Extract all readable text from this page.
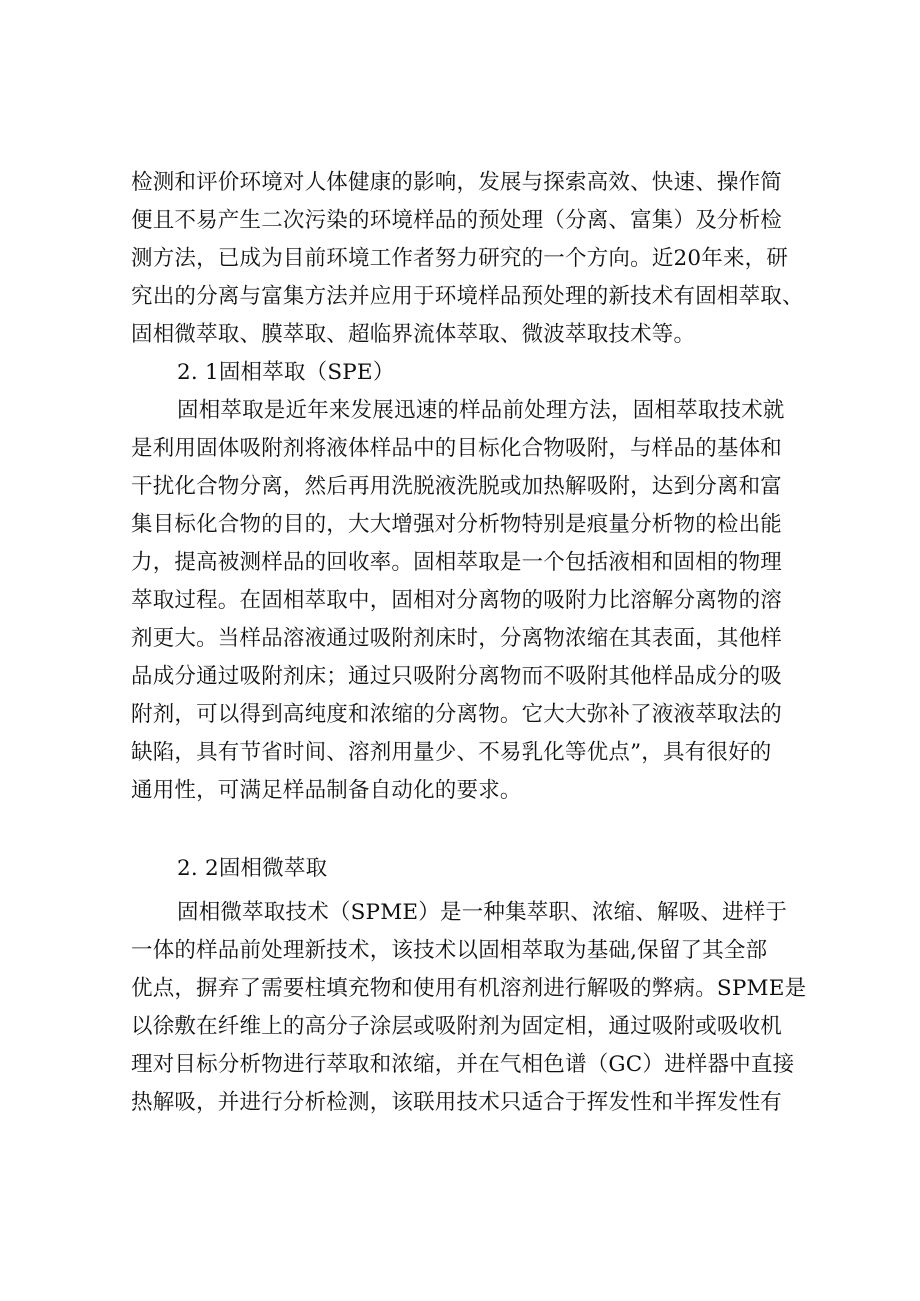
检测和评价环境对人体健康的影响，发展与探索高效、快速、操作简
便且不易产生二次污染的环境样品的预处理（分离、富集）及分析检
测方法，已成为目前环境工作者努力研究的一个方向。近20年来，研
究出的分离与富集方法并应用于环境样品预处理的新技术有固相萃取、
固相微萃取、膜萃取、超临界流体萃取、微波萃取技术等。
2. 1固相萃取（SPE）
固相萃取是近年来发展迅速的样品前处理方法，固相萃取技术就
是利用固体吸附剂将液体样品中的目标化合物吸附，与样品的基体和
干扰化合物分离，然后再用洗脱液洗脱或加热解吸附，达到分离和富
集目标化合物的目的，大大增强对分析物特别是痕量分析物的检出能
力，提高被测样品的回收率。固相萃取是一个包括液相和固相的物理
萃取过程。在固相萃取中，固相对分离物的吸附力比溶解分离物的溶
剂更大。当样品溶液通过吸附剂床时，分离物浓缩在其表面，其他样
品成分通过吸附剂床；通过只吸附分离物而不吸附其他样品成分的吸
附剂，可以得到高纯度和浓缩的分离物。它大大弥补了液液萃取法的
缺陷，具有节省时间、溶剂用量少、不易乳化等优点”，具有很好的
通用性，可满足样品制备自动化的要求。
2. 2固相微萃取
固相微萃取技术（SPME）是一种集萃职、浓缩、解吸、进样于
一体的样品前处理新技术，该技术以固相萃取为基础,保留了其全部
优点，摒弃了需要柱填充物和使用有机溶剂进行解吸的弊病。SPME是
以徐敷在纤维上的高分子涂层或吸附剂为固定相，通过吸附或吸收机
理对目标分析物进行萃取和浓缩，并在气相色谱（GC）进样器中直接
热解吸，并进行分析检测，该联用技术只适合于挥发性和半挥发性有
